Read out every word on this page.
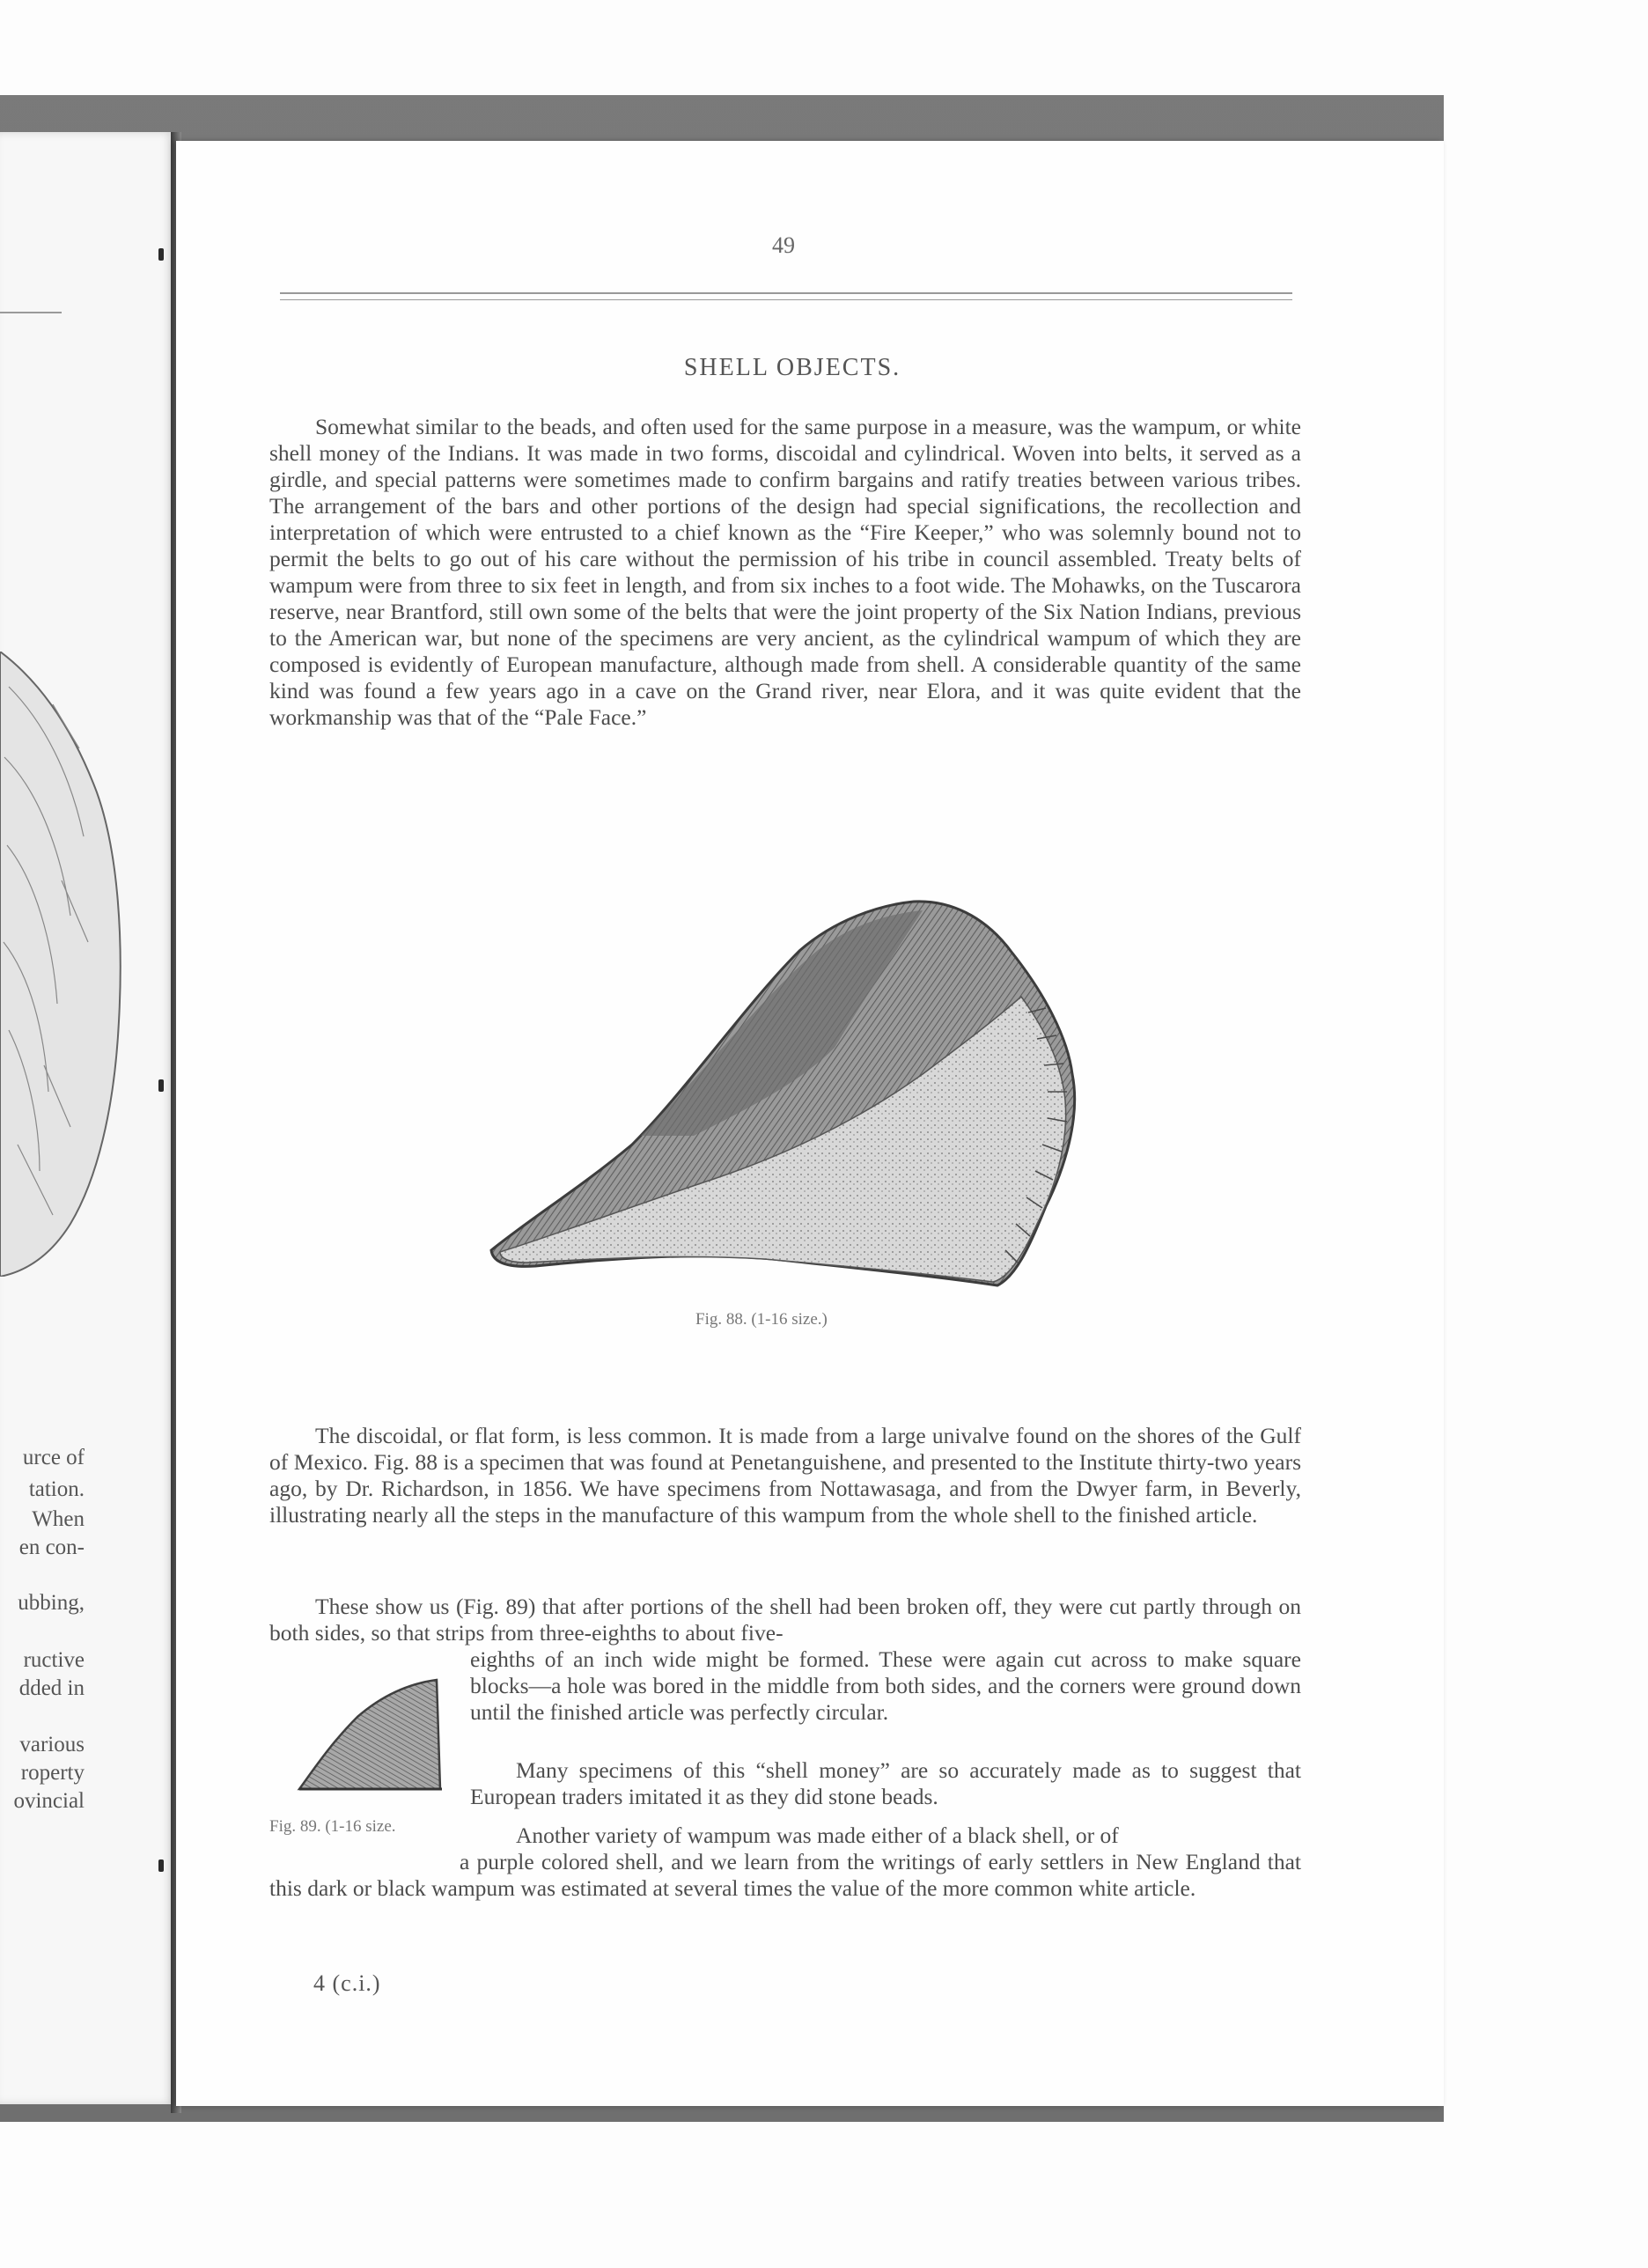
urce of
tation.
When
en con-
ubbing,
ructive
dded in
various
roperty
ovincial
49
SHELL OBJECTS.
Somewhat similar to the beads, and often used for the same purpose in a measure, was the wampum, or white shell money of the Indians. It was made in two forms, discoidal and cylindrical. Woven into belts, it served as a girdle, and special patterns were sometimes made to confirm bargains and ratify treaties between various tribes. The arrangement of the bars and other portions of the design had special significations, the recollection and interpretation of which were entrusted to a chief known as the “Fire Keeper,” who was solemnly bound not to permit the belts to go out of his care without the permission of his tribe in council assembled. Treaty belts of wampum were from three to six feet in length, and from six inches to a foot wide. The Mohawks, on the Tuscarora reserve, near Brantford, still own some of the belts that were the joint property of the Six Nation Indians, previous to the American war, but none of the specimens are very ancient, as the cylindrical wampum of which they are composed is evidently of European manufacture, although made from shell. A considerable quantity of the same kind was found a few years ago in a cave on the Grand river, near Elora, and it was quite evident that the workmanship was that of the “Pale Face.”
Fig. 88. (1-16 size.)
The discoidal, or flat form, is less common. It is made from a large univalve found on the shores of the Gulf of Mexico. Fig. 88 is a specimen that was found at Penetanguishene, and presented to the Institute thirty-two years ago, by Dr. Richardson, in 1856. We have specimens from Nottawasaga, and from the Dwyer farm, in Beverly, illustrating nearly all the steps in the manufacture of this wampum from the whole shell to the finished article.
These show us (Fig. 89) that after portions of the shell had been broken off, they were cut partly through on both sides, so that strips from three-eighths to about five-
Fig. 89. (1-16 size.
eighths of an inch wide might be formed. These were again cut across to make square blocks—a hole was bored in the middle from both sides, and the corners were ground down until the finished article was perfectly circular.
Many specimens of this “shell money” are so accurately made as to suggest that European traders imitated it as they did stone beads.
Another variety of wampum was made either of a black shell, or of
a purple colored shell, and we learn from the writings of early settlers in New England that this dark or black wampum was estimated at several times the value of the more common white article.
4 (c.i.)
